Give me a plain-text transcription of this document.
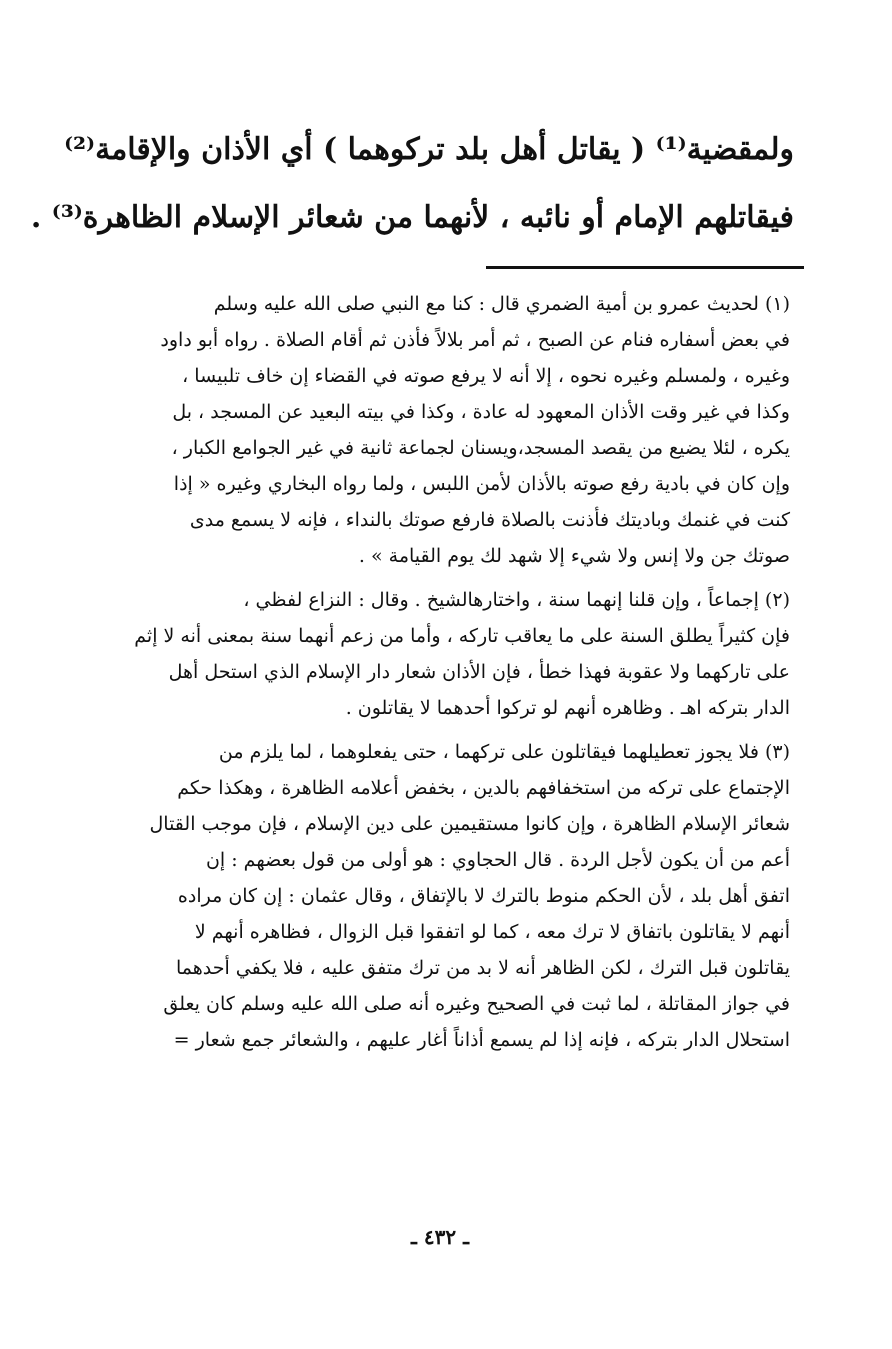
ولمقضية⁽¹⁾ ( يقاتل أهل بلد تركوهما ) أي الأذان والإقامة⁽²⁾
فيقاتلهم الإمام أو نائبه ، لأنهما من شعائر الإسلام الظاهرة⁽³⁾ .
(١) لحديث عمرو بن أمية الضمري قال : كنا مع النبي صلى الله عليه وسلم
في بعض أسفاره فنام عن الصبح ، ثم أمر بلالاً فأذن ثم أقام الصلاة . رواه أبو داود
وغيره ، ولمسلم وغيره نحوه ، إلا أنه لا يرفع صوته في القضاء إن خاف تلبيسا ،
وكذا في غير وقت الأذان المعهود له عادة ، وكذا في بيته البعيد عن المسجد ، بل
يكره ، لئلا يضيع من يقصد المسجد،ويسنان لجماعة ثانية في غير الجوامع الكبار ،
وإن كان في بادية رفع صوته بالأذان لأمن اللبس ، ولما رواه البخاري وغيره « إذا
كنت في غنمك وباديتك فأذنت بالصلاة فارفع صوتك بالنداء ، فإنه لا يسمع مدى
صوتك جن ولا إنس ولا شيء إلا شهد لك يوم القيامة » .
(٢) إجماعاً ، وإن قلنا إنهما سنة ، واختارهالشيخ . وقال : النزاع لفظي ،
فإن كثيراً يطلق السنة على ما يعاقب تاركه ، وأما من زعم أنهما سنة بمعنى أنه لا إثم
على تاركهما ولا عقوبة فهذا خطأ ، فإن الأذان شعار دار الإسلام الذي استحل أهل
الدار بتركه اهـ . وظاهره أنهم لو تركوا أحدهما لا يقاتلون .
(٣) فلا يجوز تعطيلهما فيقاتلون على تركهما ، حتى يفعلوهما ، لما يلزم من
الإجتماع على تركه من استخفافهم بالدين ، بخفض أعلامه الظاهرة ، وهكذا حكم
شعائر الإسلام الظاهرة ، وإن كانوا مستقيمين على دين الإسلام ، فإن موجب القتال
أعم من أن يكون لأجل الردة . قال الحجاوي : هو أولى من قول بعضهم : إن
اتفق أهل بلد ، لأن الحكم منوط بالترك لا بالإتفاق ، وقال عثمان : إن كان مراده
أنهم لا يقاتلون باتفاق لا ترك معه ، كما لو اتفقوا قبل الزوال ، فظاهره أنهم لا
يقاتلون قبل الترك ، لكن الظاهر أنه لا بد من ترك متفق عليه ، فلا يكفي أحدهما
في جواز المقاتلة ، لما ثبت في الصحيح وغيره أنه صلى الله عليه وسلم كان يعلق
استحلال الدار بتركه ، فإنه إذا لم يسمع أذاناً أغار عليهم ، والشعائر جمع شعار =
ـ ٤٣٢ ـ
